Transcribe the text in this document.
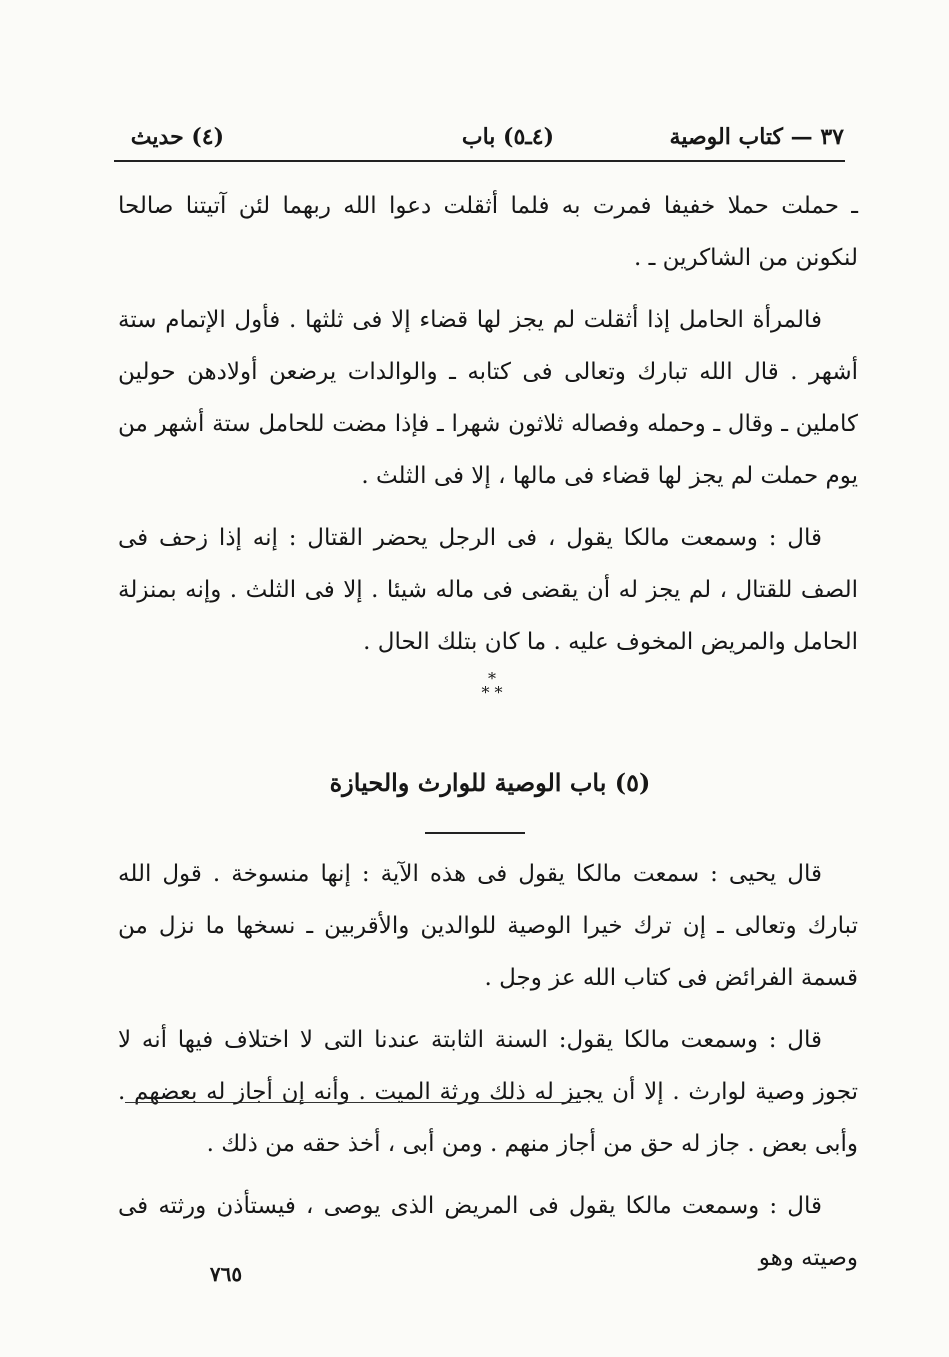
٣٧ — كتاب الوصية
(٤ـ٥) باب
(٤) حديث

ـ حملت حملا خفيفا فمرت به فلما أثقلت دعوا الله ربهما لئن آتيتنا صالحا لنكونن من الشاكرين ـ .

فالمرأة الحامل إذا أثقلت لم يجز لها قضاء إلا فى ثلثها . فأول الإتمام ستة أشهر . قال الله تبارك وتعالى فى كتابه ـ والوالدات يرضعن أولادهن حولين كاملين ـ وقال ـ وحمله وفصاله ثلاثون شهرا ـ فإذا مضت للحامل ستة أشهر من يوم حملت لم يجز لها قضاء فى مالها ، إلا فى الثلث .

قال : وسمعت مالكا يقول ، فى الرجل يحضر القتال : إنه إذا زحف فى الصف للقتال ، لم يجز له أن يقضى فى ماله شيئا . إلا فى الثلث . وإنه بمنزلة الحامل والمريض المخوف عليه . ما كان بتلك الحال .

*
* *
(٥) باب الوصية للوارث والحيازة

قال يحيى : سمعت مالكا يقول فى هذه الآية : إنها منسوخة . قول الله تبارك وتعالى ـ إن ترك خيرا الوصية للوالدين والأقربين ـ نسخها ما نزل من قسمة الفرائض فى كتاب الله عز وجل .

قال : وسمعت مالكا يقول: السنة الثابتة عندنا التى لا اختلاف فيها أنه لا تجوز وصية لوارث . إلا أن يجيز له ذلك ورثة الميت . وأنه إن أجاز له بعضهم . وأبى بعض . جاز له حق من أجاز منهم . ومن أبى ، أخذ حقه من ذلك .

قال : وسمعت مالكا يقول فى المريض الذى يوصى ، فيستأذن ورثته فى وصيته وهو

٧٦٥
